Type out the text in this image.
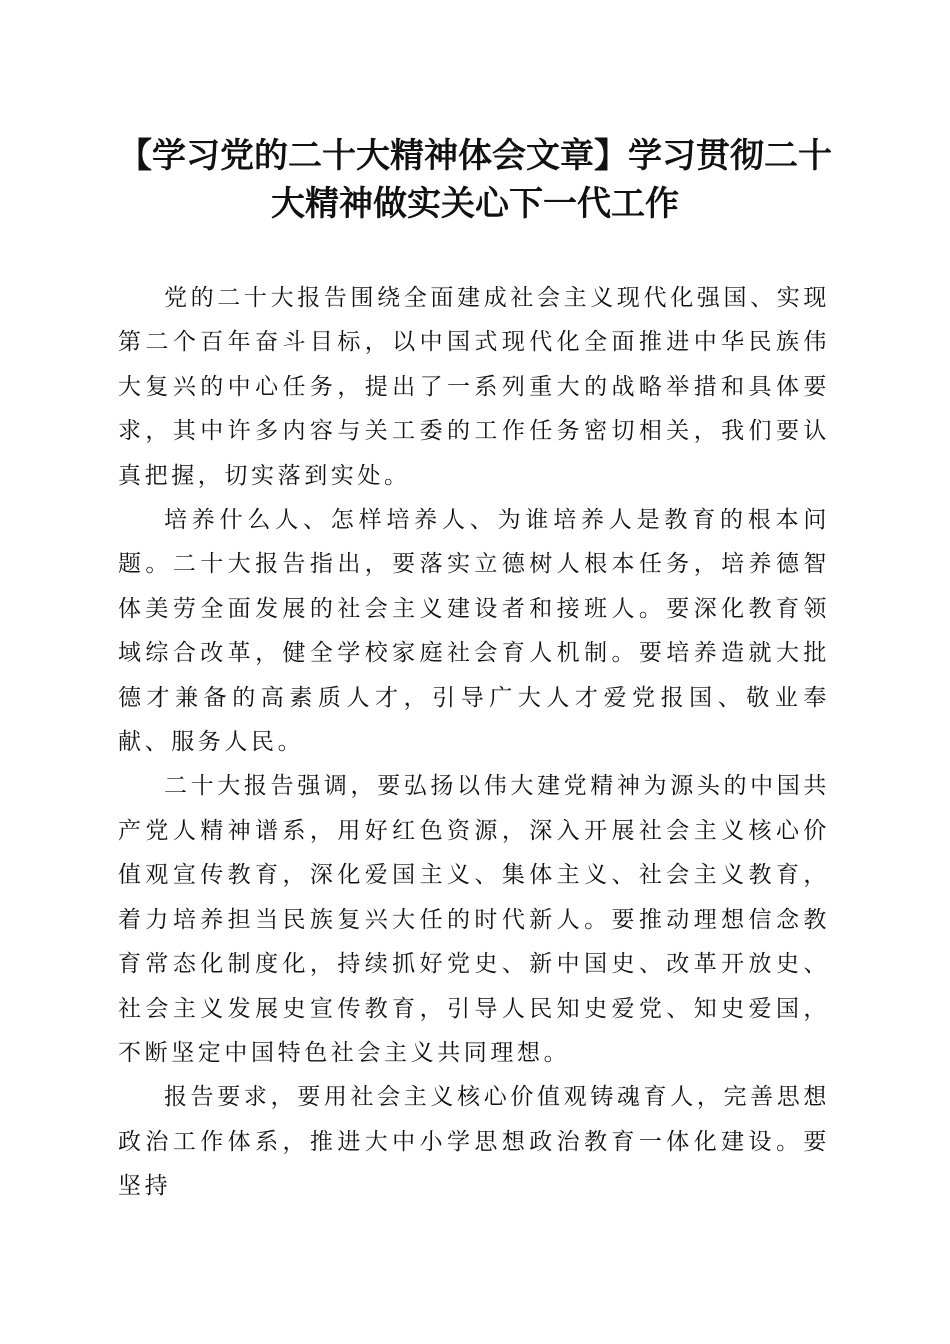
【学习党的二十大精神体会文章】学习贯彻二十大精神做实关心下一代工作

党的二十大报告围绕全面建成社会主义现代化强国、实现第二个百年奋斗目标，以中国式现代化全面推进中华民族伟大复兴的中心任务，提出了一系列重大的战略举措和具体要求，其中许多内容与关工委的工作任务密切相关，我们要认真把握，切实落到实处。

培养什么人、怎样培养人、为谁培养人是教育的根本问题。二十大报告指出，要落实立德树人根本任务，培养德智体美劳全面发展的社会主义建设者和接班人。要深化教育领域综合改革，健全学校家庭社会育人机制。要培养造就大批德才兼备的高素质人才，引导广大人才爱党报国、敬业奉献、服务人民。

二十大报告强调，要弘扬以伟大建党精神为源头的中国共产党人精神谱系，用好红色资源，深入开展社会主义核心价值观宣传教育，深化爱国主义、集体主义、社会主义教育，着力培养担当民族复兴大任的时代新人。要推动理想信念教育常态化制度化，持续抓好党史、新中国史、改革开放史、社会主义发展史宣传教育，引导人民知史爱党、知史爱国，不断坚定中国特色社会主义共同理想。

报告要求，要用社会主义核心价值观铸魂育人，完善思想政治工作体系，推进大中小学思想政治教育一体化建设。要坚持
